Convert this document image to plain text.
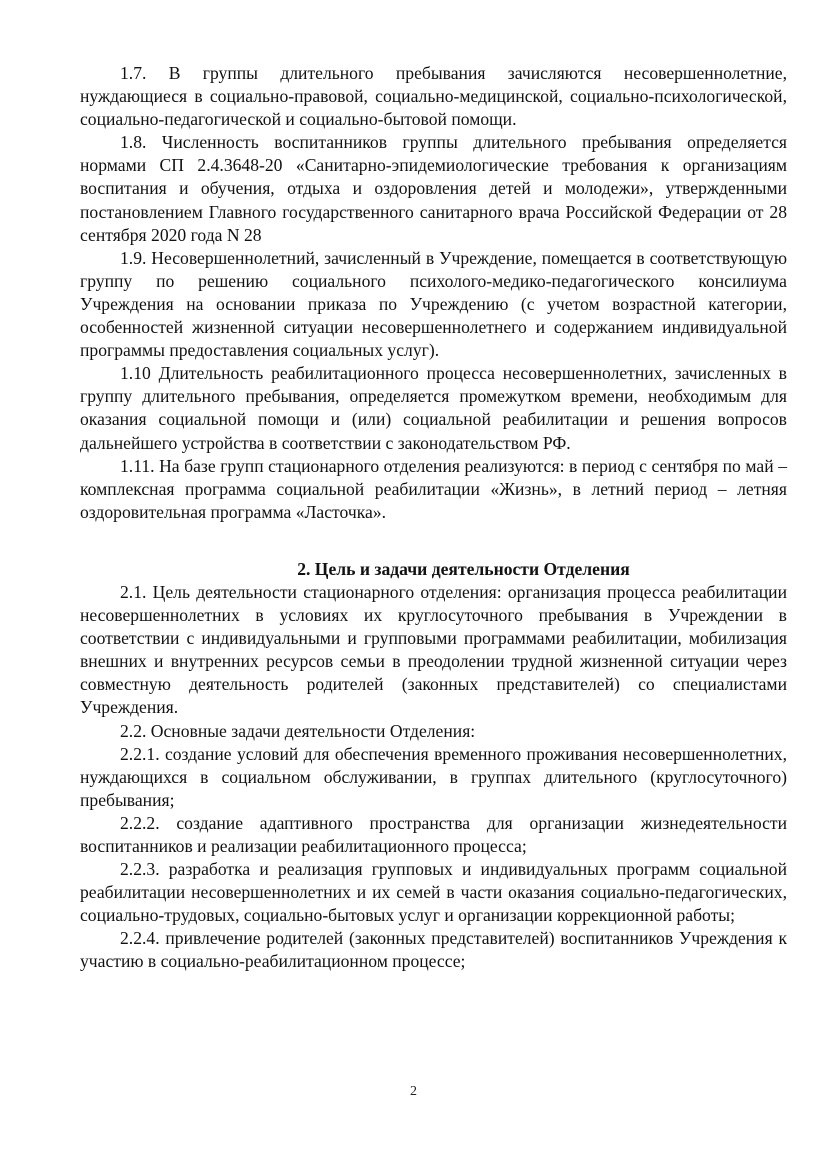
1.7. В группы длительного пребывания зачисляются несовершеннолетние, нуждающиеся в социально-правовой, социально-медицинской, социально-психологической, социально-педагогической и социально-бытовой помощи.

1.8. Численность воспитанников группы длительного пребывания определяется нормами СП 2.4.3648-20 «Санитарно-эпидемиологические требования к организациям воспитания и обучения, отдыха и оздоровления детей и молодежи», утвержденными постановлением Главного государственного санитарного врача Российской Федерации от 28 сентября 2020 года N 28

1.9. Несовершеннолетний, зачисленный в Учреждение, помещается в соответствующую группу по решению социального психолого-медико-педагогического консилиума Учреждения на основании приказа по Учреждению (с учетом возрастной категории, особенностей жизненной ситуации несовершеннолетнего и содержанием индивидуальной программы предоставления социальных услуг).

1.10 Длительность реабилитационного процесса несовершеннолетних, зачисленных в группу длительного пребывания, определяется промежутком времени, необходимым для оказания социальной помощи и (или) социальной реабилитации и решения вопросов дальнейшего устройства в соответствии с законодательством РФ.

1.11. На базе групп стационарного отделения реализуются: в период с сентября по май – комплексная программа социальной реабилитации «Жизнь», в летний период – летняя оздоровительная программа «Ласточка».

2. Цель и задачи деятельности Отделения

2.1. Цель деятельности стационарного отделения: организация процесса реабилитации несовершеннолетних в условиях их круглосуточного пребывания в Учреждении в соответствии с индивидуальными и групповыми программами реабилитации, мобилизация внешних и внутренних ресурсов семьи в преодолении трудной жизненной ситуации через совместную деятельность родителей (законных представителей) со специалистами Учреждения.

2.2. Основные задачи деятельности Отделения:

2.2.1. создание условий для обеспечения временного проживания несовершеннолетних, нуждающихся в социальном обслуживании, в группах длительного (круглосуточного) пребывания;

2.2.2. создание адаптивного пространства для организации жизнедеятельности воспитанников и реализации реабилитационного процесса;

2.2.3. разработка и реализация групповых и индивидуальных программ социальной реабилитации несовершеннолетних и их семей в части оказания социально-педагогических, социально-трудовых, социально-бытовых услуг и организации коррекционной работы;

2.2.4. привлечение родителей (законных представителей) воспитанников Учреждения к участию в социально-реабилитационном процессе;

2
